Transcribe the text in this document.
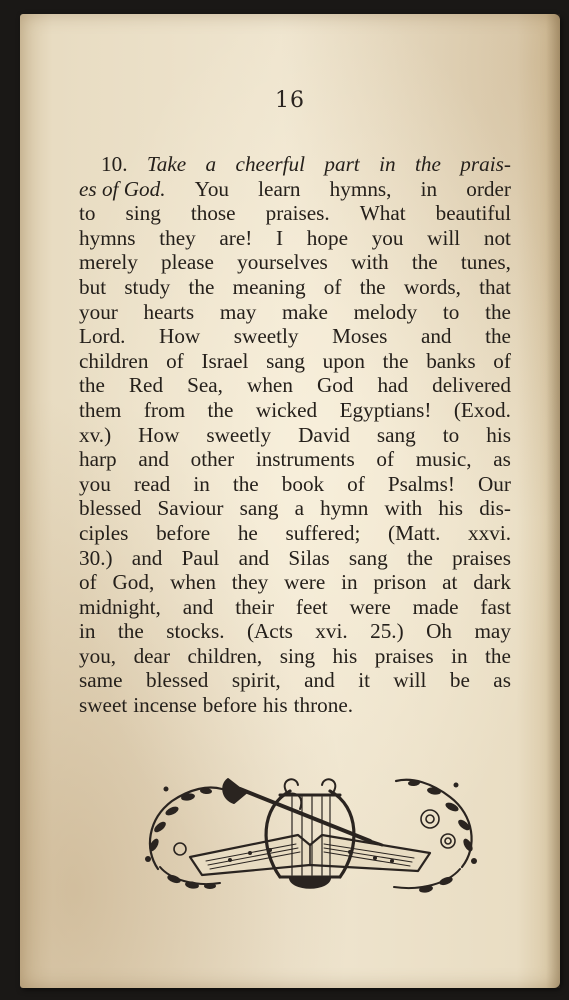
16
10. Take a cheerful part in the prais-
es of God. You learn hymns, in order
to sing those praises. What beautiful
hymns they are! I hope you will not
merely please yourselves with the tunes,
but study the meaning of the words, that
your hearts may make melody to the
Lord. How sweetly Moses and the
children of Israel sang upon the banks of
the Red Sea, when God had delivered
them from the wicked Egyptians! (Exod.
xv.) How sweetly David sang to his
harp and other instruments of music, as
you read in the book of Psalms! Our
blessed Saviour sang a hymn with his dis-
ciples before he suffered; (Matt. xxvi.
30.) and Paul and Silas sang the praises
of God, when they were in prison at dark
midnight, and their feet were made fast
in the stocks. (Acts xvi. 25.) Oh may
you, dear children, sing his praises in the
same blessed spirit, and it will be as
sweet incense before his throne.
